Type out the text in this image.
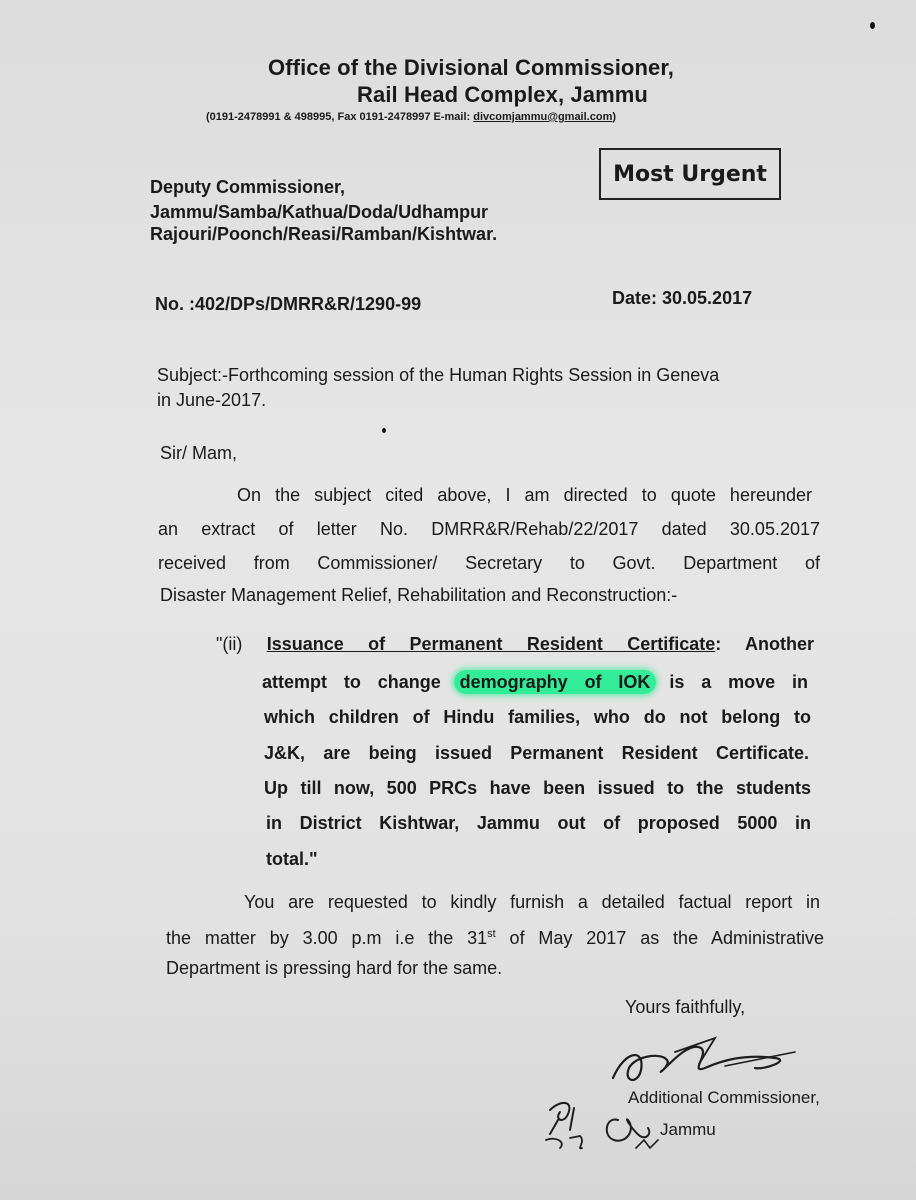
Office of the Divisional Commissioner,
Rail Head Complex, Jammu
(0191-2478991 & 498995, Fax 0191-2478997 E-mail: divcomjammu@gmail.com)
Most Urgent
Deputy Commissioner,
Jammu/Samba/Kathua/Doda/Udhampur
Rajouri/Poonch/Reasi/Ramban/Kishtwar.
No. :402/DPs/DMRR&R/1290-99	Date: 30.05.2017
Subject:-Forthcoming session of the Human Rights Session in Geneva
in June-2017.
Sir/ Mam,
On the subject cited above, I am directed to quote hereunder
an extract of letter No. DMRR&R/Rehab/22/2017 dated 30.05.2017
received from Commissioner/ Secretary to Govt. Department of
Disaster Management Relief, Rehabilitation and Reconstruction:-
"(ii) Issuance of Permanent Resident Certificate: Another
attempt to change demography of IOK is a move in
which children of Hindu families, who do not belong to
J&K, are being issued Permanent Resident Certificate.
Up till now, 500 PRCs have been issued to the students
in District Kishtwar, Jammu out of proposed 5000 in
total."
You are requested to kindly furnish a detailed factual report in
the matter by 3.00 p.m i.e the 31st of May 2017 as the Administrative
Department is pressing hard for the same.
Yours faithfully,
Additional Commissioner,
Jammu
